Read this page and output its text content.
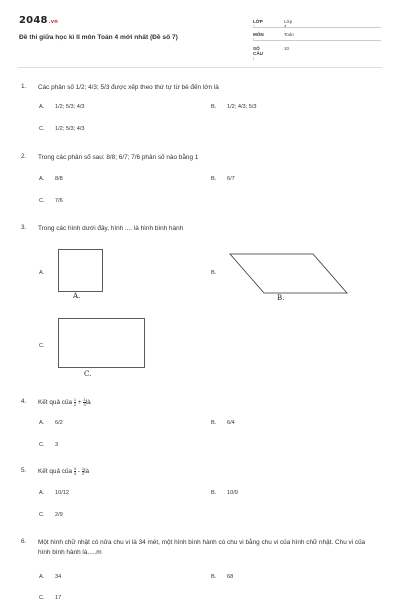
2048.vn
Đề thi giữa học kì II môn Toán 4 mới nhất (Đề số 7)
LỚP :
Lớp 4
MÔN :
Toán
SỐ CÂU :
10
1. Các phân số 1/2; 4/3; 5/3 được xếp theo thứ tự từ bé đến lớn là
A. 1/2; 5/3; 4/3	B. 1/2; 4/3; 5/3
C. 1/2; 5/3; 4/3
2. Trong các phân số sau: 8/8; 6/7; 7/6 phân số nào bằng 1
A. 8/8	B. 6/7
C. 7/6
3. Trong các hình dưới đây, hình .... là hình bình hành
A.
A.
B.
B.
C.
C.
4. Kết quả của $\frac{1}{2} + \frac{1}{3}$ là
A. 6/2	B. 6/4
C. 3
5. Kết quả của $\frac{4}{3} - \frac{1}{2}$ là
A. 10/12	B. 10/9
C. 2/9
6. Một hình chữ nhật có nửa chu vi là 34 mét, một hình bình hành có chu vi bằng chu vi của hình chữ nhật. Chu vi của hình bình hành là.....m
A. 34	B. 68
C. 17
